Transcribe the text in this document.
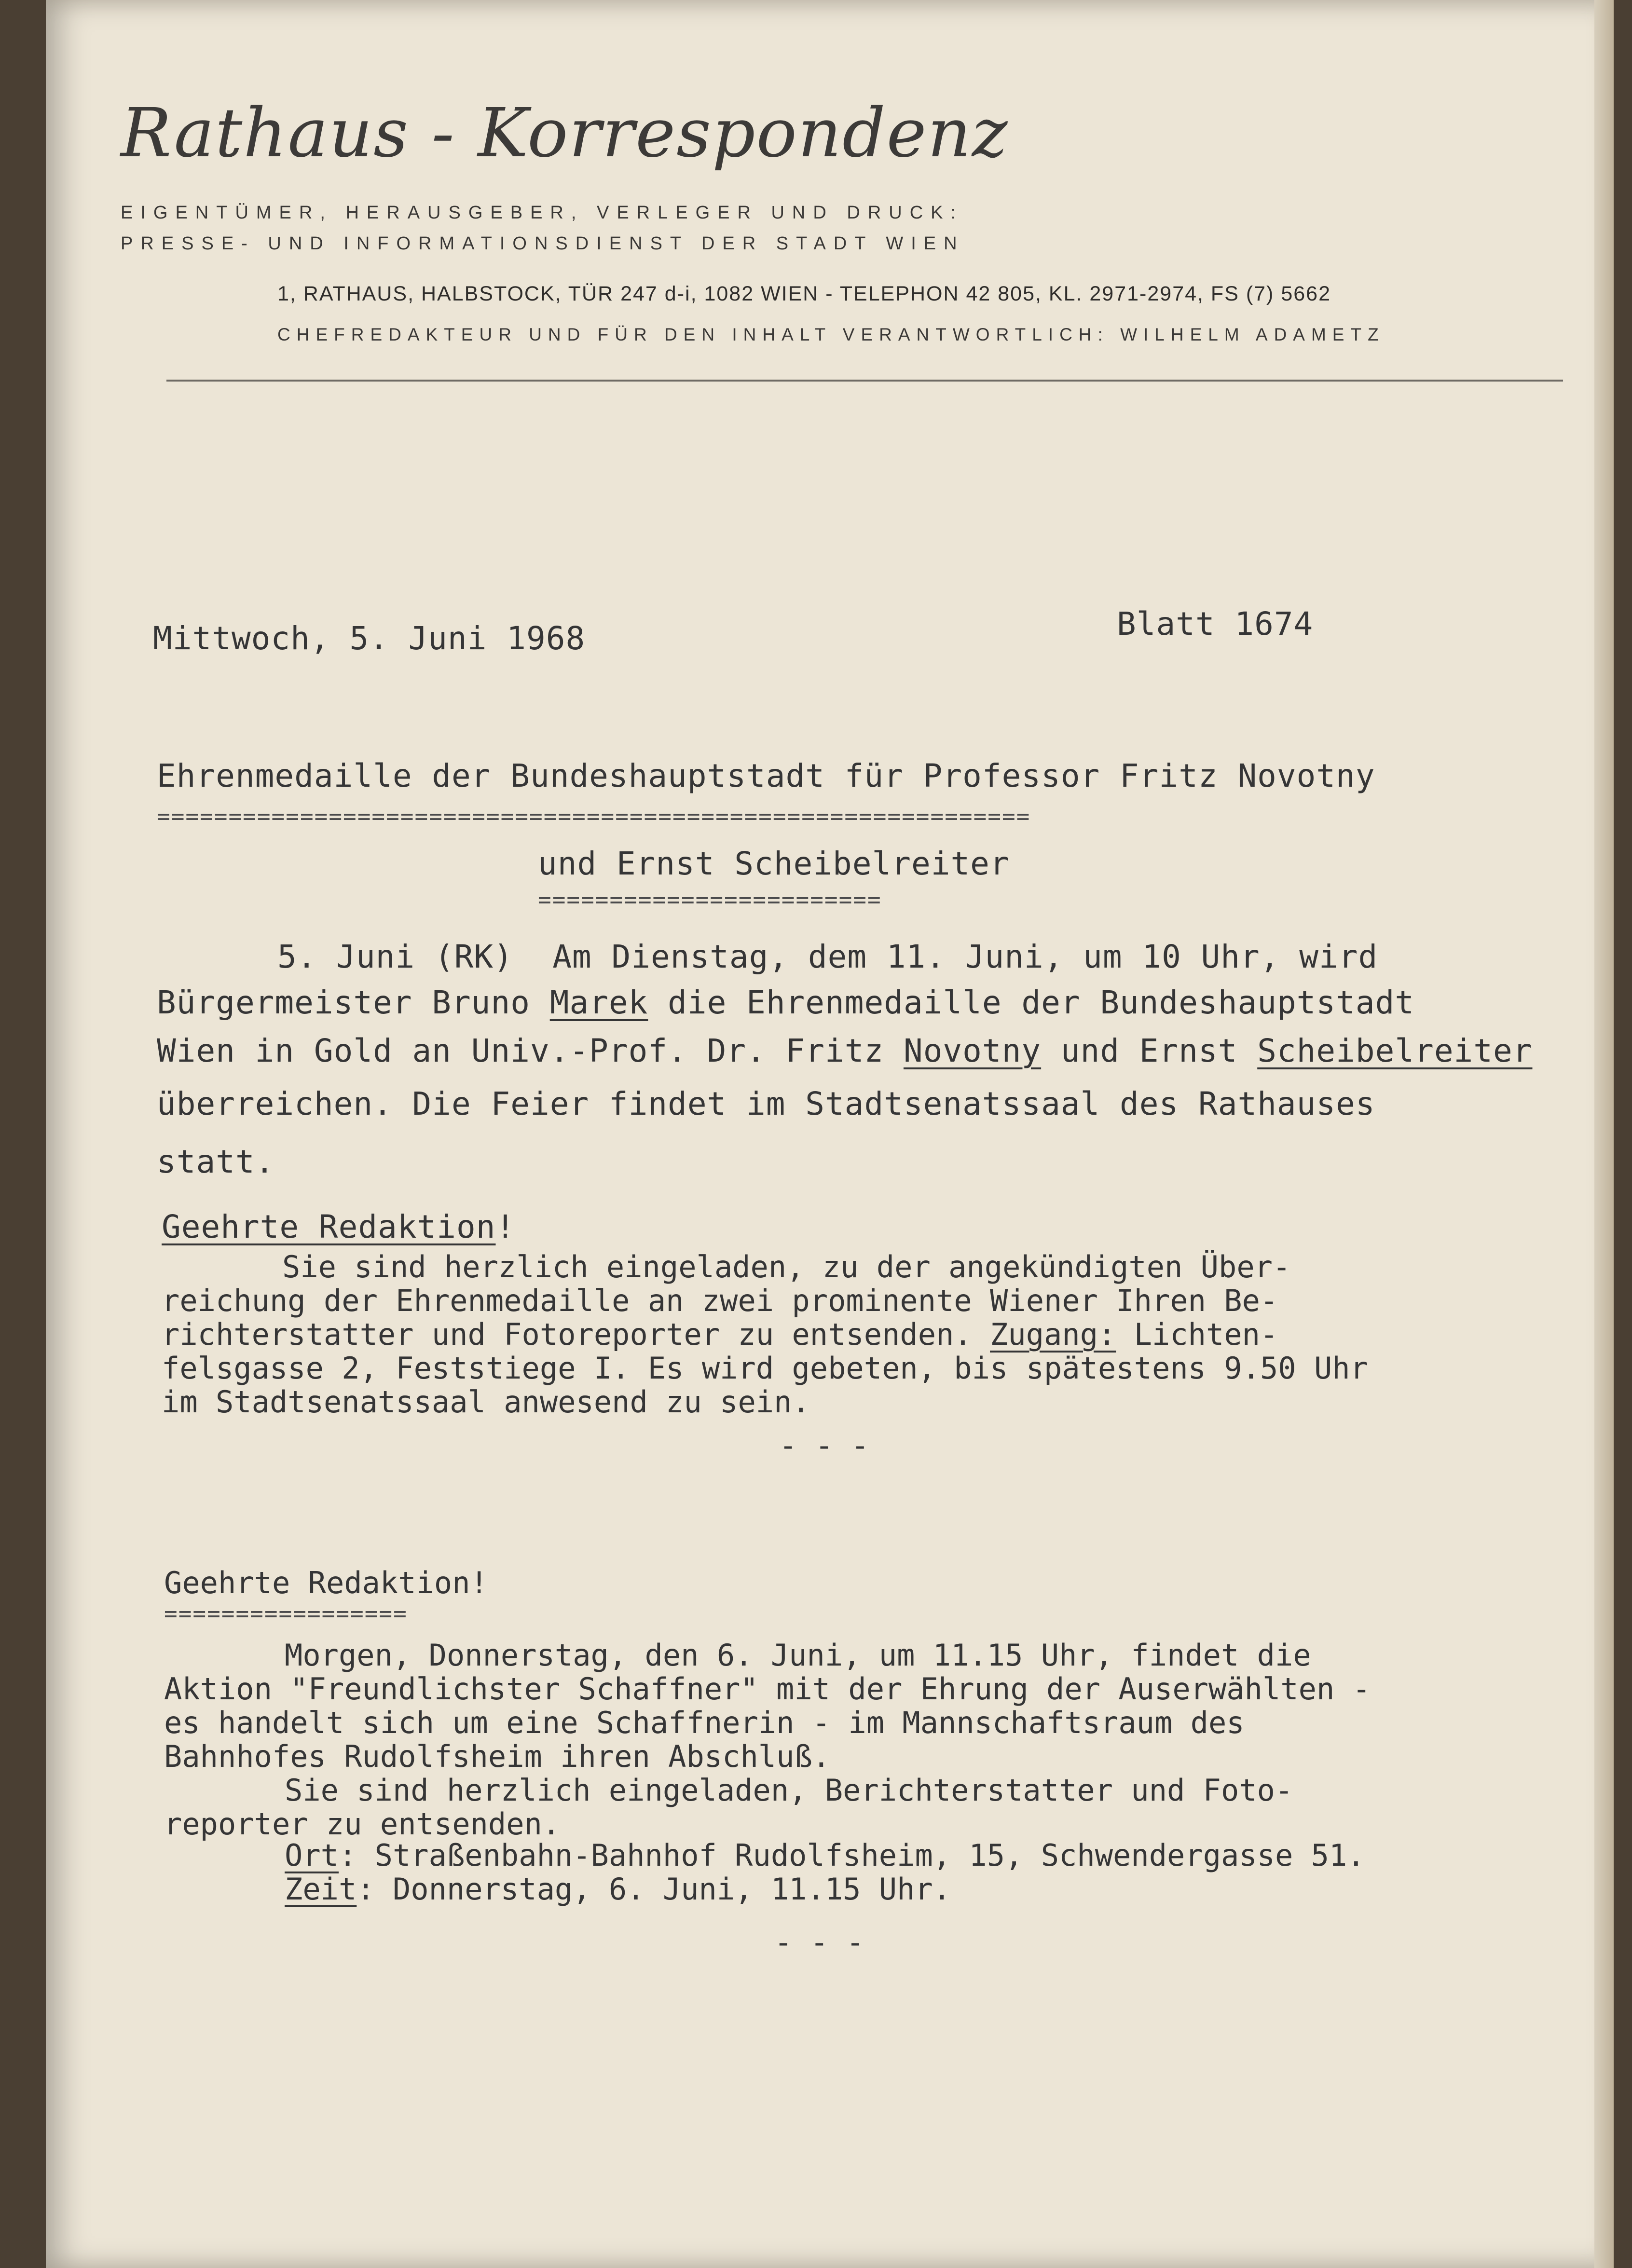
Rathaus - Korrespondenz
EIGENTÜMER, HERAUSGEBER, VERLEGER UND DRUCK:
PRESSE- UND INFORMATIONSDIENST DER STADT WIEN
1, RATHAUS, HALBSTOCK, TÜR 247 d-i, 1082 WIEN - TELEPHON 42 805, KL. 2971-2974, FS (7) 5662
CHEFREDAKTEUR UND FÜR DEN INHALT VERANTWORTLICH: WILHELM ADAMETZ
Mittwoch, 5. Juni 1968	Blatt 1674
Ehrenmedaille der Bundeshauptstadt für Professor Fritz Novotny
=============================================================
und Ernst Scheibelreiter
========================
5. Juni (RK)  Am Dienstag, dem 11. Juni, um 10 Uhr, wird
Bürgermeister Bruno Marek die Ehrenmedaille der Bundeshauptstadt
Wien in Gold an Univ.-Prof. Dr. Fritz Novotny und Ernst Scheibelreiter
überreichen. Die Feier findet im Stadtsenatssaal des Rathauses
statt.
Geehrte Redaktion!
Sie sind herzlich eingeladen, zu der angekündigten Über-
reichung der Ehrenmedaille an zwei prominente Wiener Ihren Be-
richterstatter und Fotoreporter zu entsenden. Zugang: Lichten-
felsgasse 2, Feststiege I. Es wird gebeten, bis spätestens 9.50 Uhr
im Stadtsenatssaal anwesend zu sein.
- - -
Geehrte Redaktion!
=================
Morgen, Donnerstag, den 6. Juni, um 11.15 Uhr, findet die
Aktion "Freundlichster Schaffner" mit der Ehrung der Auserwählten -
es handelt sich um eine Schaffnerin - im Mannschaftsraum des
Bahnhofes Rudolfsheim ihren Abschluß.
Sie sind herzlich eingeladen, Berichterstatter und Foto-
reporter zu entsenden.
Ort: Straßenbahn-Bahnhof Rudolfsheim, 15, Schwendergasse 51.
Zeit: Donnerstag, 6. Juni, 11.15 Uhr.
- - -
